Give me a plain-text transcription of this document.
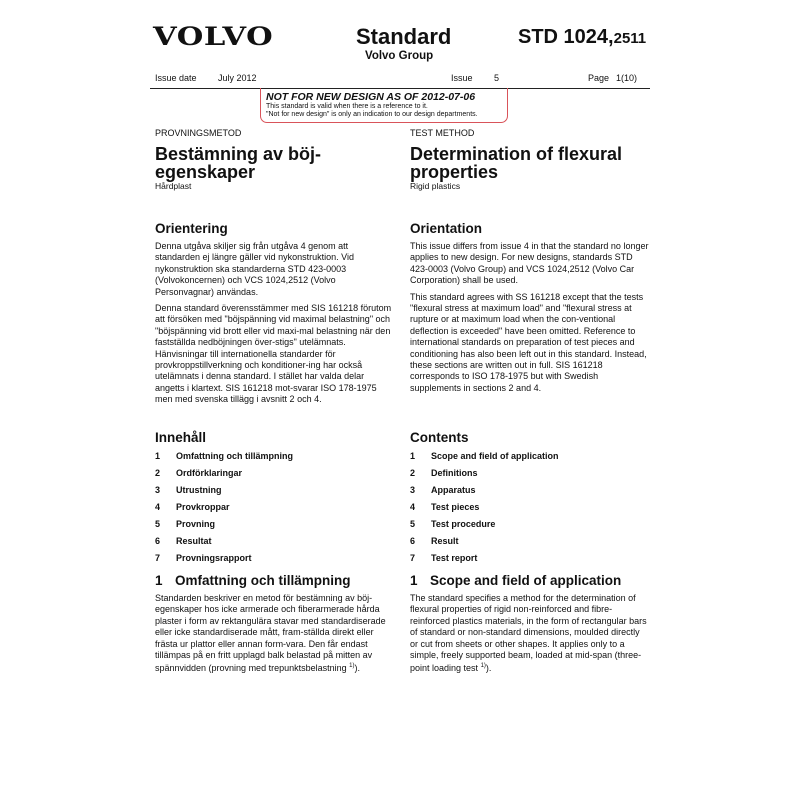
VOLVO	Standard
Volvo Group
STD 1024,2511
Issue date July 2012	Issue 5	Page 1(10)
NOT FOR NEW DESIGN AS OF 2012-07-06
This standard is valid when there is a reference to it.
"Not for new design" is only an indication to our design departments.
PROVNINGSMETOD
Bestämning av böj-
egenskaper
Hårdplast
Orientering

Denna utgåva skiljer sig från utgåva 4 genom att standarden ej längre gäller vid nykonstruktion. Vid nykonstruktion ska standarderna STD 423-0003 (Volvokoncernen) och VCS 1024,2512 (Volvo Personvagnar) användas.

Denna standard överensstämmer med SIS 161218 förutom att försöken med "böjspänning vid maximal belastning" och "böjspänning vid brott eller vid maxi-mal belastning när den fastställda nedböjningen över-stigs" utelämnats. Hänvisningar till internationella standarder för provkroppstillverkning och konditioner-ing har också utelämnats i denna standard. I stället har valda delar angetts i klartext. SIS 161218 mot-svarar ISO 178-1975 men med svenska tillägg i avsnitt 2 och 4.

Innehåll
1	Omfattning och tillämpning
2	Ordförklaringar
3	Utrustning
4	Provkroppar
5	Provning
6	Resultat
7	Provningsrapport
1 Omfattning och tillämpning

Standarden beskriver en metod för bestämning av böj-egenskaper hos icke armerade och fiberarmerade hårda plaster i form av rektangulära stavar med standardiserade eller icke standardiserade mått, fram-ställda direkt eller frästa ur plattor eller annan form-vara. Den får endast tillämpas på en fritt upplagd balk belastad på mitten av spännvidden (provning med trepunktsbelastning $^{1)}$).

TEST METHOD
Determination of flexural
properties
Rigid plastics
Orientation

This issue differs from issue 4 in that the standard no longer applies to new design. For new designs, standards STD 423-0003 (Volvo Group) and VCS 1024,2512 (Volvo Car Corporation) shall be used.

This standard agrees with SS 161218 except that the tests "flexural stress at maximum load" and "flexural stress at rupture or at maximum load when the con-ventional deflection is exceeded" have been omitted. Reference to international standards on preparation of test pieces and conditioning has also been left out in this standard. Instead, these sections are written out in full. SIS 161218 corresponds to ISO 178-1975 but with Swedish supplements in sections 2 and 4.

Contents
1	Scope and field of application
2	Definitions
3	Apparatus
4	Test pieces
5	Test procedure
6	Result
7	Test report
1 Scope and field of application

The standard specifies a method for the determination of flexural properties of rigid non-reinforced and fibre-reinforced plastics materials, in the form of rectangular bars of standard or non-standard dimensions, moulded directly or cut from sheets or other shapes. It applies only to a simple, freely supported beam, loaded at mid-span (three-point loading test $^{1)}$).
